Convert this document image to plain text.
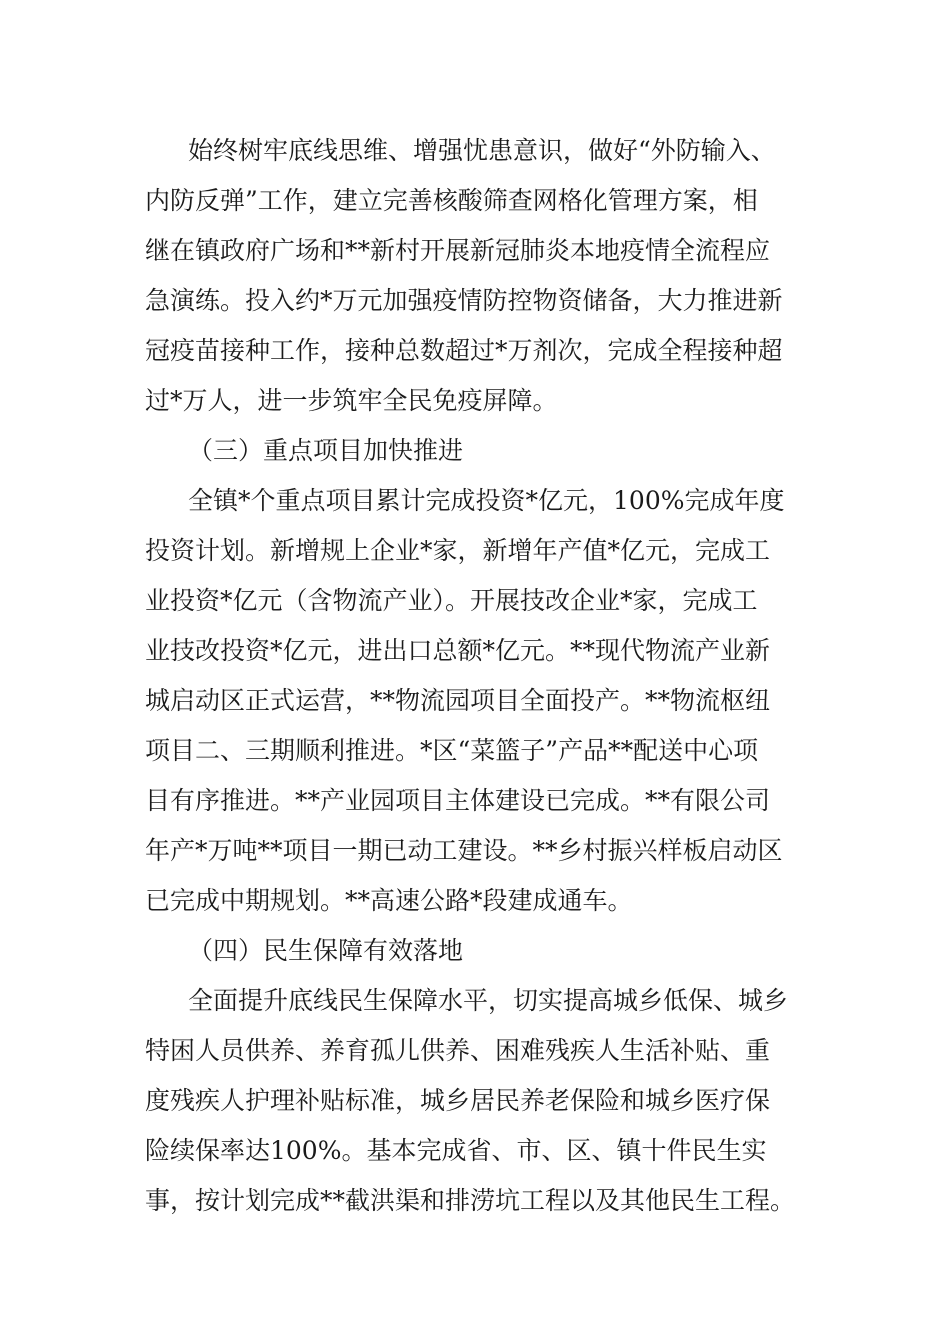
始终树牢底线思维、增强忧患意识，做好“外防输入、

内防反弹”工作，建立完善核酸筛查网格化管理方案，相

继在镇政府广场和**新村开展新冠肺炎本地疫情全流程应

急演练。投入约*万元加强疫情防控物资储备，大力推进新

冠疫苗接种工作，接种总数超过*万剂次，完成全程接种超

过*万人，进一步筑牢全民免疫屏障。

（三）重点项目加快推进

全镇*个重点项目累计完成投资*亿元，100%完成年度

投资计划。新增规上企业*家，新增年产值*亿元，完成工

业投资*亿元（含物流产业）。开展技改企业*家，完成工

业技改投资*亿元，进出口总额*亿元。**现代物流产业新

城启动区正式运营，**物流园项目全面投产。**物流枢纽

项目二、三期顺利推进。*区“菜篮子”产品**配送中心项

目有序推进。**产业园项目主体建设已完成。**有限公司

年产*万吨**项目一期已动工建设。**乡村振兴样板启动区

已完成中期规划。**高速公路*段建成通车。

（四）民生保障有效落地

全面提升底线民生保障水平，切实提高城乡低保、城乡

特困人员供养、养育孤儿供养、困难残疾人生活补贴、重

度残疾人护理补贴标准，城乡居民养老保险和城乡医疗保

险续保率达100%。基本完成省、市、区、镇十件民生实

事，按计划完成**截洪渠和排涝坑工程以及其他民生工程。
